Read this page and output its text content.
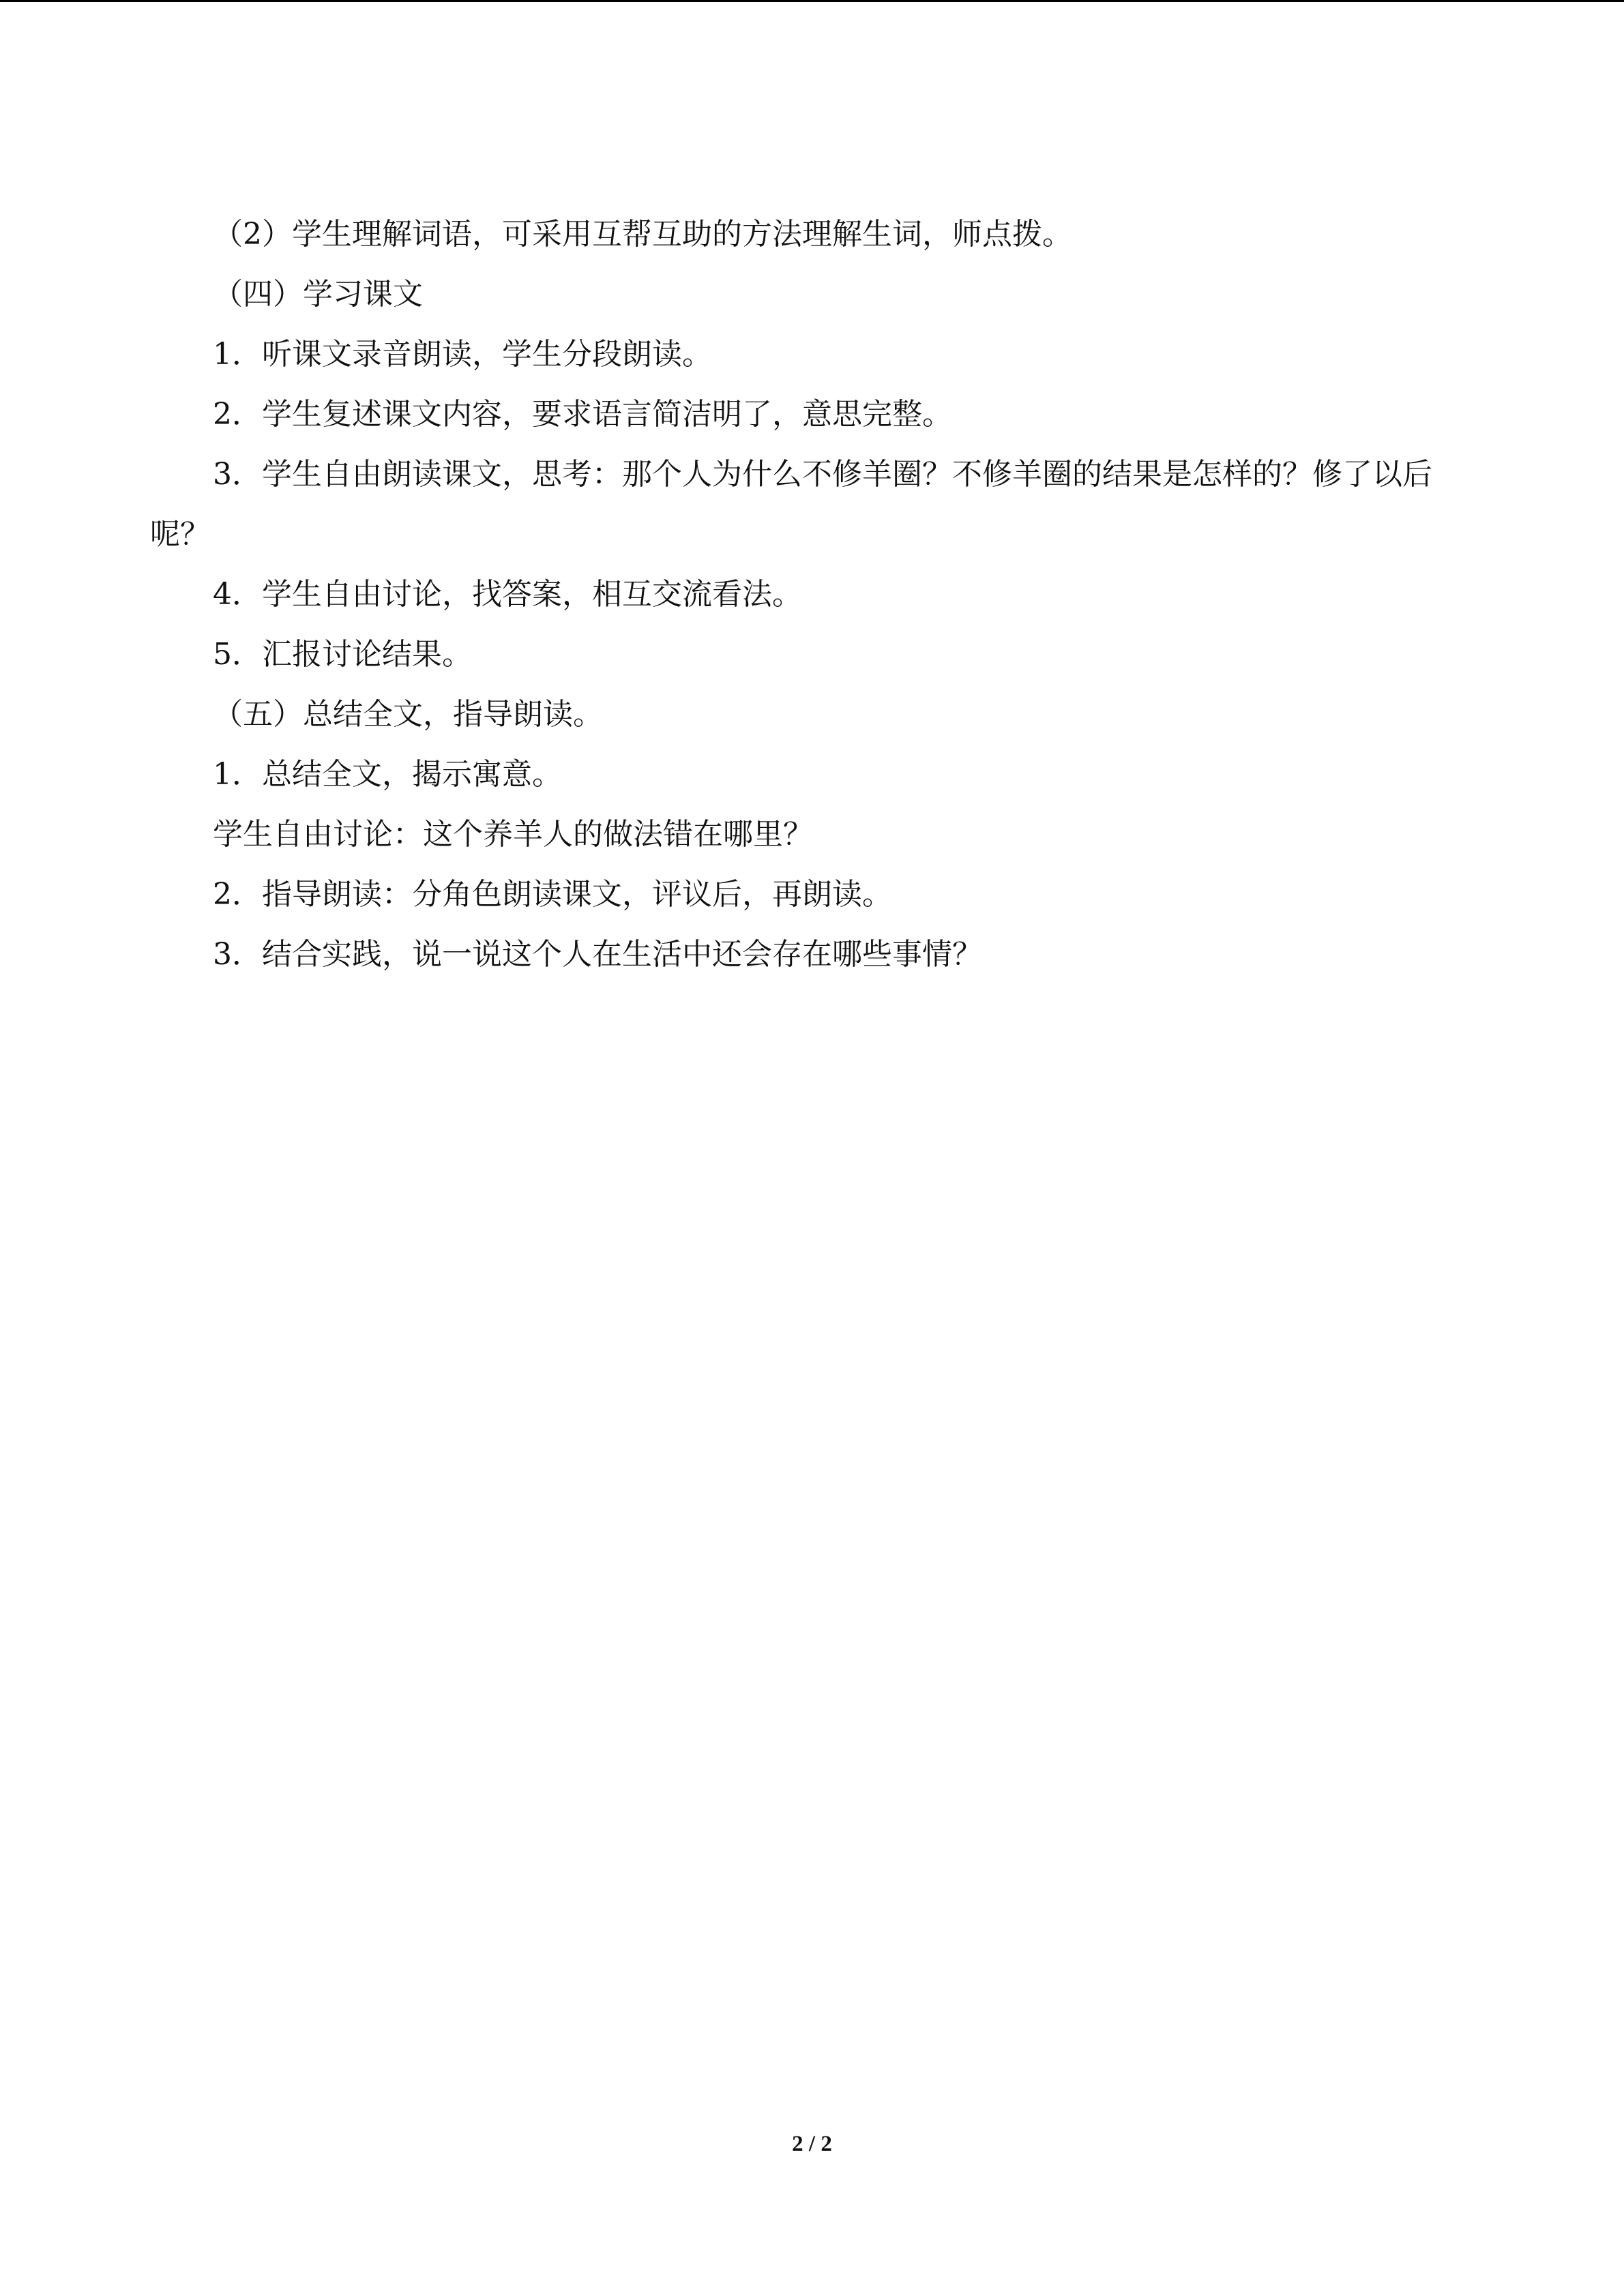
（2）学生理解词语，可采用互帮互助的方法理解生词，师点拨。

（四）学习课文

1．听课文录音朗读，学生分段朗读。

2．学生复述课文内容，要求语言简洁明了，意思完整。

3．学生自由朗读课文，思考：那个人为什么不修羊圈？不修羊圈的结果是怎样的？修了以后呢？

4．学生自由讨论，找答案，相互交流看法。

5．汇报讨论结果。

（五）总结全文，指导朗读。

1．总结全文，揭示寓意。

学生自由讨论：这个养羊人的做法错在哪里？

2．指导朗读：分角色朗读课文，评议后，再朗读。

3．结合实践，说一说这个人在生活中还会存在哪些事情？

2 / 2
